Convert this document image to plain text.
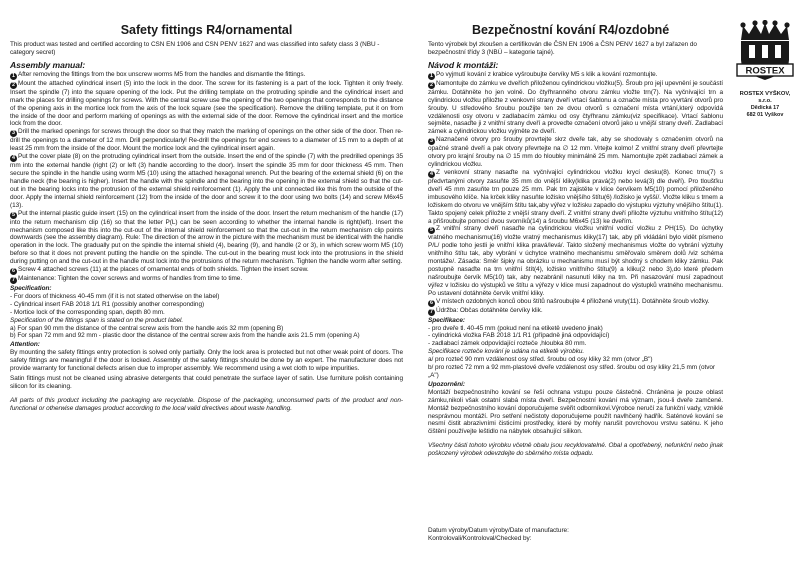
Safety fittings R4/ornamental
This product was tested and certified according to CSN EN 1906 and CSN PENV 1627 and was classified into safety class 3 (NBU - category secret)
Assembly manual:
1 After removing the fittings from the box unscrew worms M5 from the handles and dismantle the fittings.
2 Mount the attached cylindrical insert (5) into the lock in the door. The screw for its fastening is a part of the lock. Tighten it only freely. Insert the spindle (7) into the square opening of the lock. Put the drilling template on the protruding spindle and the cylindrical insert and mark the places for drilling openings for screws. With the central screw use the opening of the two openings that corresponds to the distance of the opening axis in the mortice lock from the axis of the lock square (see the specification). Remove the drilling template, put it on from the inside of the door and perform marking of openings as with the external side of the door. Remove the cylindrical insert and the mortice lock from the door.
3 Drill the marked openings for screws through the door so that they match the marking of openings on the other side of the door. Then re-drill the openings to a diameter of 12 mm. Drill perpendicularly! Re-drill the openings for end screws to a diameter of 15 mm to a depth of at least 25 mm from the inside of the door. Mount the mortice lock and the cylindrical insert again.
4 Put the cover plate (8) on the protruding cylindrical insert from the outside. Insert the end of the spindle (7) with the predrilled openings 35 mm into the external handle (right (2) or left (3) handle according to the door). Insert the spindle 35 mm for door thickness 45 mm. Then secure the spindle in the handle using worm M5 (10) using the attached hexagonal wrench. Put the bearing of the external shield (6) on the handle neck (the bearing is higher). Insert the handle with the spindle and the bearing into the opening in the external shield so that the cut-out in the bearing locks into the protrusion of the external shield reinforcement (1). Apply the unit connected like this from the outside of the door. Apply the internal shield reinforcement (12) from the inside of the door and screw it to the door using two bolts (14) and screw M6x45 (13).
5 Put the internal plastic guide insert (15) on the cylindrical insert from the inside of the door. Insert the return mechanism of the handle (17) into the return mechanism clip (16) so that the letter P(L) can be seen according to whether the internal handle is right(left). Insert the mechanism composed like this into the cut-out of the internal shield reinforcement so that the cut-out in the return mechanism clip points downwards (see the assembly diagram). Rule: The direction of the arrow in the picture with the mechanism must be identical with the handle operation in the lock. The gradually put on the spindle the internal shield (4), bearing (9), and handle (2 or 3), in which screw worm M5 (10) before so that it does not prevent putting the handle on the spindle. The cut-out in the bearing must lock into the protrusions in the shield during putting on and the cut-out in the handle must lock into the protrusions of the return mechanism. Tighten the handle worm after setting.
6 Screw 4 attached screws (11) at the places of ornamental ends of both shields. Tighten the insert screw.
7 Maintenance: Tighten the cover screws and worms of handles from time to time.
Specification:
- For doors of thickness 40-45 mm (if it is not stated otherwise on the label)
- Cylindrical insert FAB 2018 1/1 R1 (possibly another corresponding)
- Mortice lock of the corresponding span, depth 80 mm.
Specification of the fittings span is stated on the product label.
a) For span 90 mm the distance of the central screw axis from the handle axis 32 mm (opening B)
b) For span 72 mm and 92 mm - plastic door the distance of the central screw axis from the handle axis 21.5 mm (opening A)
Attention:
By mounting the safety fittings entry protection is solved only partially. Only the lock area is protected but not other weak point of doors. The safety fittings are meaningful if the door is locked. Assembly of the safety fittings should be done by an expert. The manufacturer does not provide warranty for functional defects arisen due to improper assembly. We recommend using a wet cloth to wipe impurities.
Satin fittings must not be cleaned using abrasive detergents that could penetrate the surface layer of satin. Use furniture polish containing silicon for its cleaning.
All parts of this product including the packaging are recyclable. Dispose of the packaging, unconsumed parts of the product and non-functional or otherwise damages product according to the local valid directives about waste handling.
Bezpečnostní kování R4/ozdobné
Tento výrobek byl zkoušen a certifikován dle ČSN EN 1906 a ČSN PENV 1627 a byl zařazen do bezpečnostní třídy 3 (NBÚ – kategorie tajné).
Návod k montáži:
1 Po vyjmutí kování z krabice vyšroubujte červíky M5 s klik a kování rozmontujte.
2 Namontujte do zámku ve dveřích přiloženou cylindrickou vložku(5). Šroub pro její upevnění je součástí zámku. Dotáhněte ho jen volně. Do čtyřhranného otvoru zámku vložte trn(7). Na vyčnívající trn a cylindrickou vložku přiložte z venkovní strany dveří vrtací šablonu a označte místa pro vyvrtání otvorů pro šrouby. U středového šroubu použijte ten ze dvou otvorů s označení místa vrtání,který odpovídá vzdálenosti osy otvoru v zadlabacím zámku od osy čtyřhranu zámku(viz specifikace). Vrtací šablonu sejměte, nasaďte ji z vnitřní strany dveří a proveďte označení otvorů jako u vnější strany dveří. Zadlabací zámek a cylindrickou vložku vyjměte ze dveří.
3 Naznačené otvory pro šrouby provrtejte skrz dveře tak, aby se shodovaly s označením otvorů na opačné straně dveří a pak otvory převrtejte na ∅ 12 mm. Vrtejte kolmo! Z vnitřní strany dveří převrtejte otvory pro krajní šrouby na ∅ 15 mm do hloubky minimálně 25 mm. Namontujte zpět zadlabací zámek a cylindrickou vložku.
4 Z venkovní strany nasaďte na vyčnívající cylindrickou vložku krycí desku(8). Konec trnu(7) s předvrtanými otvory zasuňte 35 mm do vnější kliky(klika pravá(2) nebo levá(3) dle dveří). Pro tloušťku dveří 45 mm zasuňte trn pouze 25 mm. Pak trn zajistěte v klice červíkem M5(10) pomocí přiloženého imbusového klíče. Na krček kliky nasuňte ložisko vnějšího štítu(6) /ložisko je vyšší/. Vložte kliku s trnem a ložiskem do otvoru ve vnějším štítu tak,aby výřez v ložisku zapadlo do výstupku výztuhy vnějšího štítu(1). Takto spojený celek přiložte z vnější strany dveří. Z vnitřní strany dveří přiložte výztuhu vnitřního štítu(12) a přišroubujte pomocí dvou svorníků(14) a šroubu M6x45 (13) ke dveřím.
5 Z vnitřní strany dveří nasaďte na cylindrickou vložku vnitřní vodící vložku z PH(15). Do úchytky vratného mechanismu(16) vložte vratný mechanismus kliky(17) tak, aby při vkládání bylo vidět písmeno P/L/ podle toho jestli je vnitřní klika pravá/levá/. Takto složený mechanismus vložte do vybrání výztuhy vnitřního štítu tak, aby vybrání v úchytce vratného mechanismu směřovalo směrem dolů /viz schéma montáže/. Zásada: Směr šipky na obrázku u mechanismu musí být shodný s chodem kliky zámku. Pak postupně nasaďte na trn vnitřní štít(4), ložisko vnitřního štítu(9) a kliku(2 nebo 3),do které předem našroubujte červík M5(10) tak, aby nezabránil nasunutí kliky na trn. Při nasazování musí zapadnout výřez v ložisku do výstupků ve štítu a výřezy v klice musí zapadnout do výstupků vratného mechanismu. Po ustavení dotáhněte červík vnitřní kliky.
6 V místech ozdobných konců obou štítů našroubujte 4 přiložené vruty(11). Dotáhněte šroub vložky.
7 Údržba: Občas dotáhněte červíky klik.
Specifikace:
- pro dveře tl. 40-45 mm (pokud není na etiketě uvedeno jinak)
- cylindrická vložka FAB 2018 1/1 R1 (případně jiná odpovídající)
- zadlabací zámek odpovídající rozteče ,hloubka 80 mm.
Specifikace rozteče kování je udána na etiketě výrobku.
a/ pro rozteč 90 mm vzdálenost osy střed. šroubu od osy kliky 32 mm (otvor „B")
b/ pro rozteč 72 mm a 92 mm-plastové dveře vzdálenost osy střed. šroubu od osy kliky 21,5 mm (otvor „A")
Upozornění:
Montáží bezpečnostního kování se řeší ochrana vstupu pouze částečně. Chráněna je pouze oblast zámku,nikoli však ostatní slabá místa dveří. Bezpečnostní kování má význam, jsou-li dveře zamčené. Montáž bezpečnostního kování doporučujeme svěřit odborníkovi.Výrobce neručí za funkční vady, vzniklé nesprávnou montáží. Pro setření nečistoty doporučujeme použít navlhčený hadřík. Saténové kování se nesmí čistit abrazivními čisticími prostředky, které by mohly narušit povrchovou vrstvu saténu. K jeho čištění používejte leštidlo na nábytek obsahující silikon.
Všechny části tohoto výrobku včetně obalu jsou recyklovatelné. Obal a opotřebený, nefunkční nebo jinak poškozený výrobek odevzdejte do sběrného místa odpadu.
Datum výroby/Datum výroby/Date of manufacture:
Kontrolovali/Kontroloval/Checked by:
ROSTEX
ROSTEX VYŠKOV, s.r.o.
Dědická 17
682 01 Vyškov
